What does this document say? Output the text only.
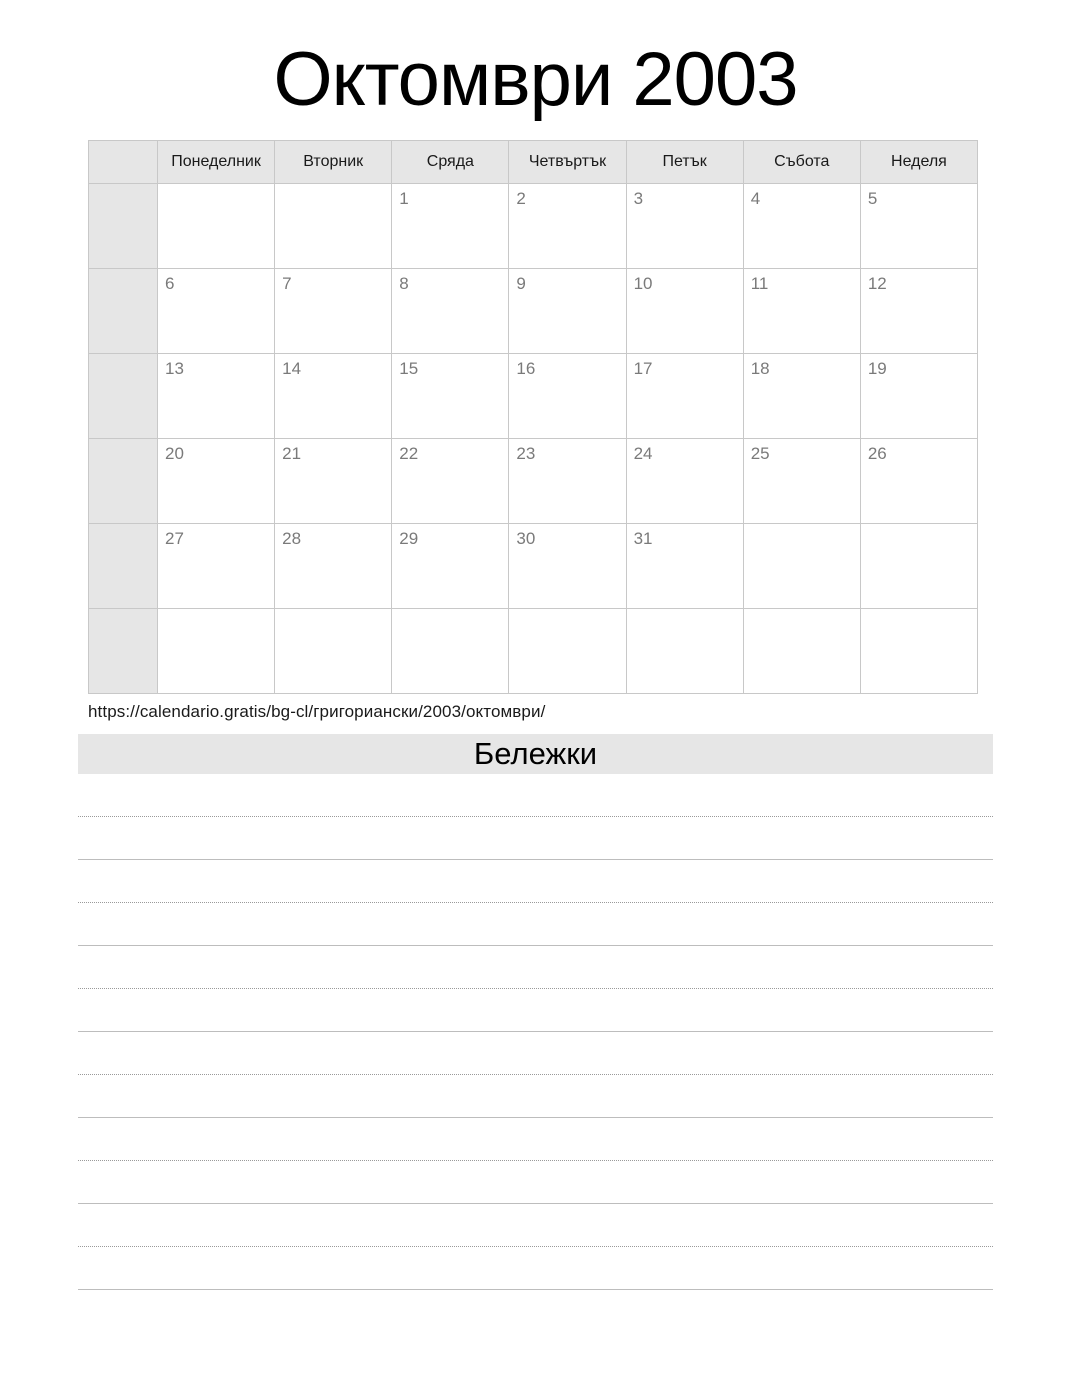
Октомври 2003
	Понеделник	Вторник	Сряда	Четвъртък	Петък	Събота	Неделя

			1	2	3	4	5

	6	7	8	9	10	11	12

	13	14	15	16	17	18	19

	20	21	22	23	24	25	26

	27	28	29	30	31		

https://calendario.gratis/bg-cl/григориански/2003/октомври/
Бележки
